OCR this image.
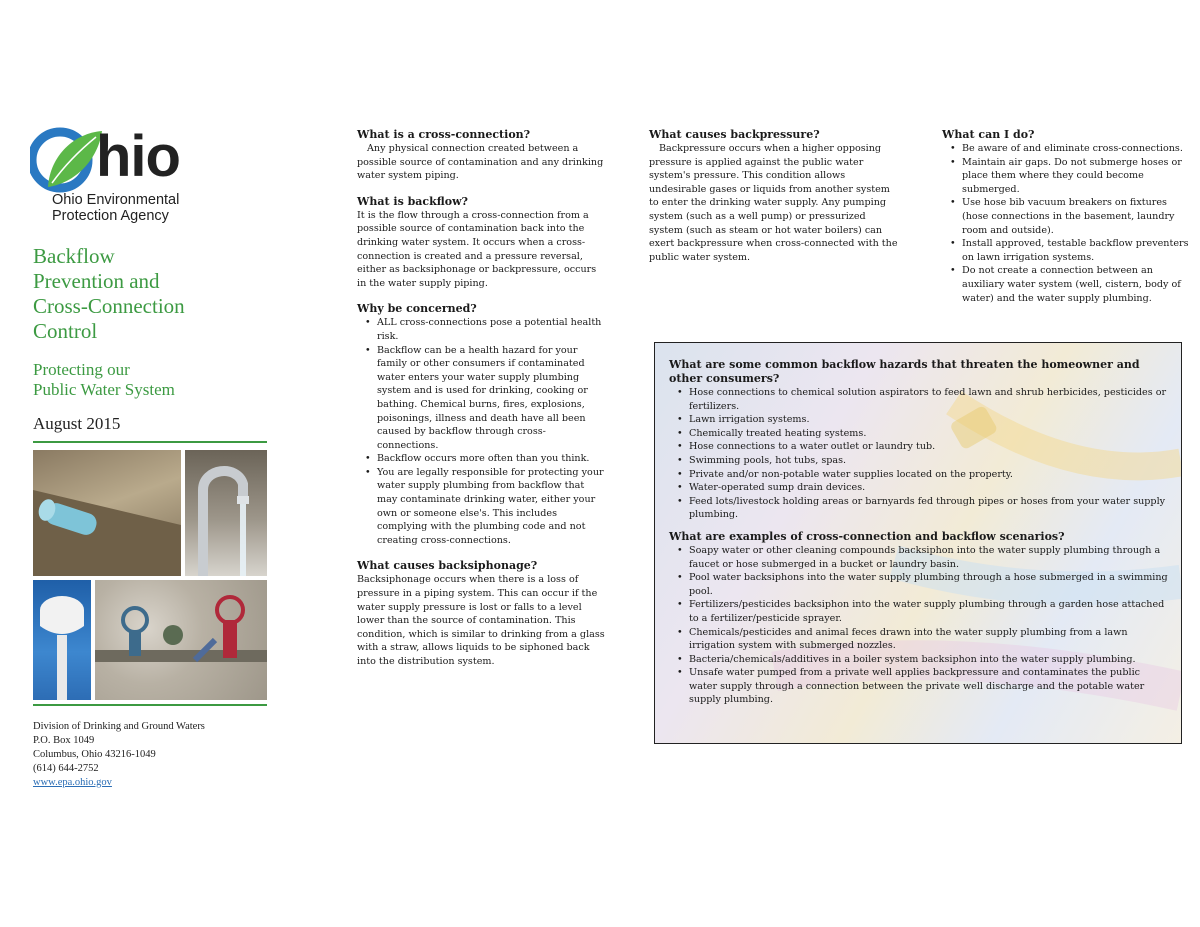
hio
Ohio Environmental
Protection Agency
Backflow
Prevention and
Cross-Connection
Control
Protecting our
Public Water System
August 2015
Division of Drinking and Ground Waters
P.O. Box 1049
Columbus, Ohio 43216-1049
(614) 644-2752
www.epa.ohio.gov
What is a cross-connection?

Any physical connection created between a possible source of contamination and any drinking water system piping.

What is backflow?

It is the flow through a cross-connection from a possible source of contamination back into the drinking water system. It occurs when a cross-connection is created and a pressure reversal, either as backsiphonage or backpressure, occurs in the water supply piping.

Why be concerned?
• ALL cross-connections pose a potential health risk.
• Backflow can be a health hazard for your family or other consumers if contaminated water enters your water supply plumbing system and is used for drinking, cooking or bathing. Chemical burns, fires, explosions, poisonings, illness and death have all been caused by backflow through cross-connections.
• Backflow occurs more often than you think.
• You are legally responsible for protecting your water supply plumbing from backflow that may contaminate drinking water, either your own or someone else's. This includes complying with the plumbing code and not creating cross-connections.
What causes backsiphonage?

Backsiphonage occurs when there is a loss of pressure in a piping system. This can occur if the water supply pressure is lost or falls to a level lower than the source of contamination. This condition, which is similar to drinking from a glass with a straw, allows liquids to be siphoned back into the distribution system.

What causes backpressure?

Backpressure occurs when a higher opposing pressure is applied against the public water system's pressure. This condition allows undesirable gases or liquids from another system to enter the drinking water supply. Any pumping system (such as a well pump) or pressurized system (such as steam or hot water boilers) can exert backpressure when cross-connected with the public water system.

What can I do?
• Be aware of and eliminate cross-connections.
• Maintain air gaps. Do not submerge hoses or place them where they could become submerged.
• Use hose bib vacuum breakers on fixtures (hose connections in the basement, laundry room and outside).
• Install approved, testable backflow preventers on lawn irrigation systems.
• Do not create a connection between an auxiliary water system (well, cistern, body of water) and the water supply plumbing.
What are some common backflow hazards that threaten the homeowner and other consumers?
• Hose connections to chemical solution aspirators to feed lawn and shrub herbicides, pesticides or fertilizers.
• Lawn irrigation systems.
• Chemically treated heating systems.
• Hose connections to a water outlet or laundry tub.
• Swimming pools, hot tubs, spas.
• Private and/or non-potable water supplies located on the property.
• Water-operated sump drain devices.
• Feed lots/livestock holding areas or barnyards fed through pipes or hoses from your water supply plumbing.
What are examples of cross-connection and backflow scenarios?
• Soapy water or other cleaning compounds backsiphon into the water supply plumbing through a faucet or hose submerged in a bucket or laundry basin.
• Pool water backsiphons into the water supply plumbing through a hose submerged in a swimming pool.
• Fertilizers/pesticides backsiphon into the water supply plumbing through a garden hose attached to a fertilizer/pesticide sprayer.
• Chemicals/pesticides and animal feces drawn into the water supply plumbing from a lawn irrigation system with submerged nozzles.
• Bacteria/chemicals/additives in a boiler system backsiphon into the water supply plumbing.
• Unsafe water pumped from a private well applies backpressure and contaminates the public water supply through a connection between the private well discharge and the potable water supply plumbing.
